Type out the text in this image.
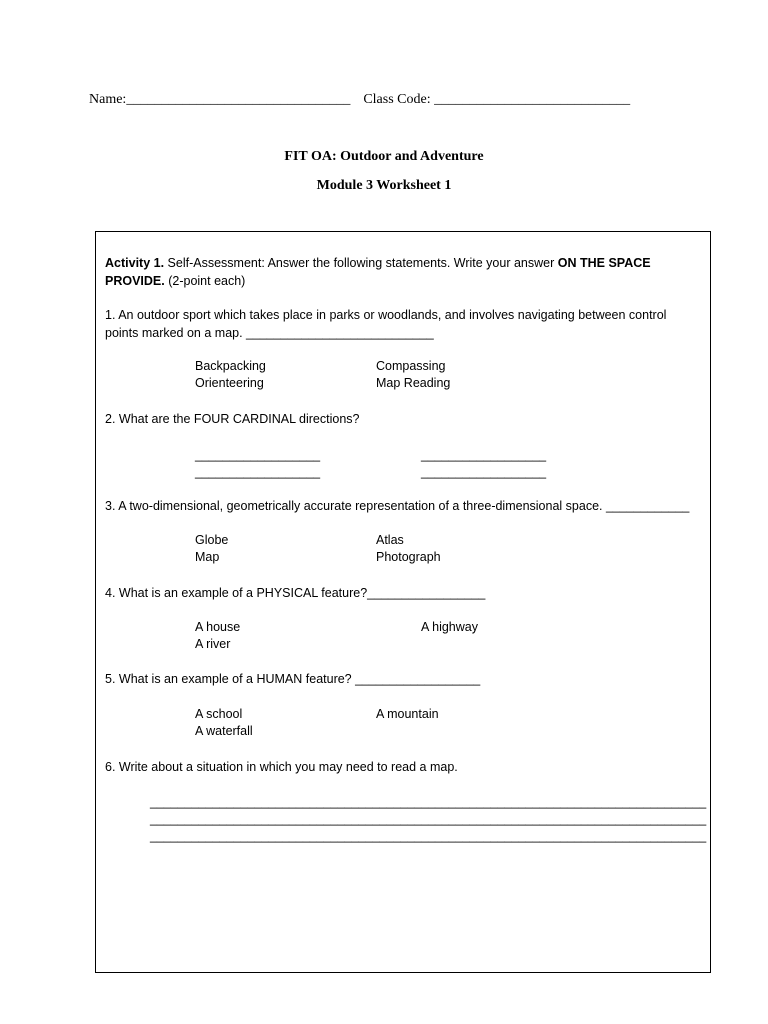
Name:________________________________ Class Code: ____________________________
FIT OA: Outdoor and Adventure
Module 3 Worksheet 1
Activity 1. Self-Assessment: Answer the following statements. Write your answer ON THE SPACE PROVIDE. (2-point each)
1. An outdoor sport which takes place in parks or woodlands, and involves navigating between control points marked on a map. ___________________________
Backpacking	Compassing
Orienteering	Map Reading
2. What are the FOUR CARDINAL directions?
__________________	__________________
__________________	__________________
3. A two-dimensional, geometrically accurate representation of a three-dimensional space. ____________
Globe	Atlas
Map	Photograph
4. What is an example of a PHYSICAL feature?_________________
A house	A highway
A river
5. What is an example of a HUMAN feature? __________________
A school	A mountain
A waterfall
6. Write about a situation in which you may need to read a map.
________________________________________________________________________________
________________________________________________________________________________
________________________________________________________________________________
